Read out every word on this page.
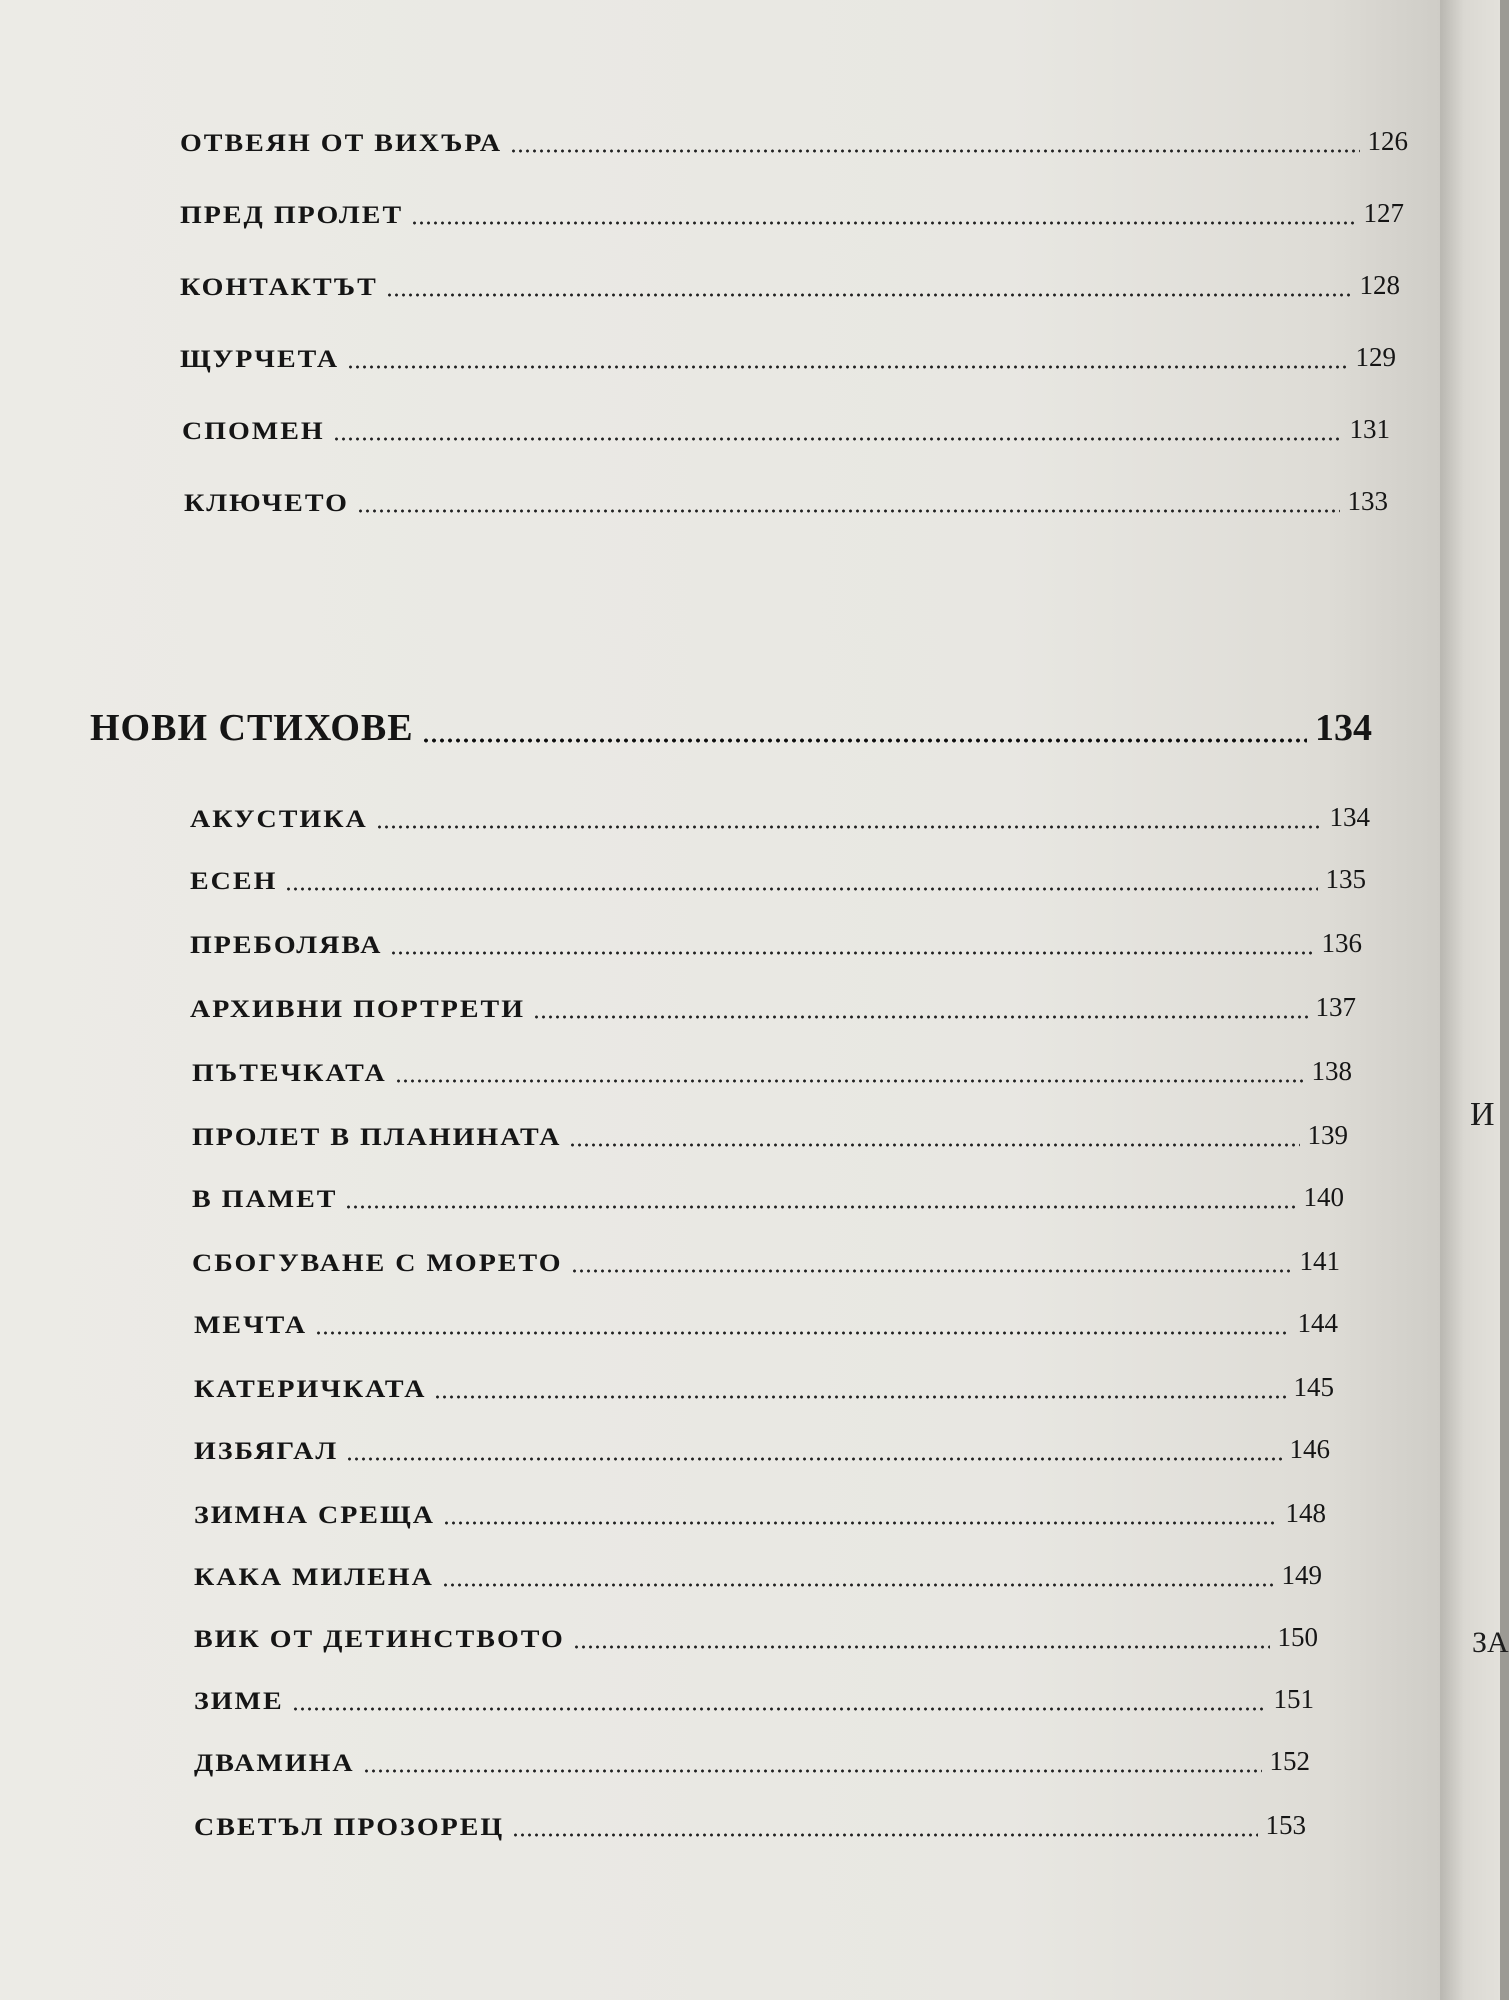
ОТВЕЯН ОТ ВИХЪРА	126
ПРЕД ПРОЛЕТ	127
КОНТАКТЪТ	128
ЩУРЧЕТА	129
СПОМЕН	131
КЛЮЧЕТО	133
НОВИ СТИХОВЕ	134
АКУСТИКА	134
ЕСЕН	135
ПРЕБОЛЯВА	136
АРХИВНИ ПОРТРЕТИ	137
ПЪТЕЧКАТА	138
ПРОЛЕТ В ПЛАНИНАТА	139
В ПАМЕТ	140
СБОГУВАНЕ С МОРЕТО	141
МЕЧТА	144
КАТЕРИЧКАТА	145
ИЗБЯГАЛ	146
ЗИМНА СРЕЩА	148
КАКА МИЛЕНА	149
ВИК ОТ ДЕТИНСТВОТО	150
ЗИМЕ	151
ДВАМИНА	152
СВЕТЪЛ ПРОЗОРЕЦ	153
И
ЗА
